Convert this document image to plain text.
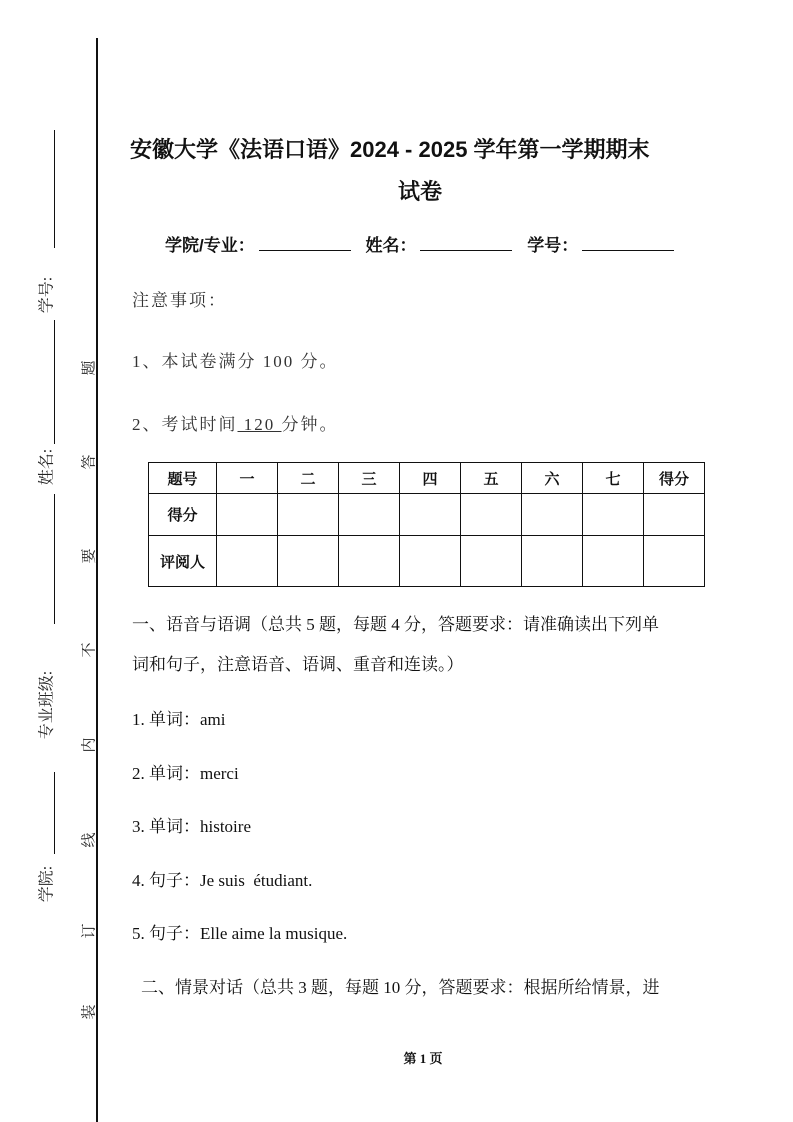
学号:
姓名:
专业班级:
学院:
装
订
线
内
不
要
答
题
安徽大学《法语口语》2024 - 2025 学年第一学期期末
试卷
学院/专业：	姓名：	学号：
注意事项：
1、本试卷满分 100 分。
2、考试时间 120 分钟。
题号	一	二	三	四	五	六	七	得分
得分								
评阅人								
一、语音与语调（总共 5 题，每题 4 分，答题要求：请准确读出下列单
词和句子，注意语音、语调、重音和连读。）
1. 单词：ami
2. 单词：merci
3. 单词：histoire
4. 句子：Je suis  étudiant.
5. 句子：Elle aime la musique.
二、情景对话（总共 3 题，每题 10 分，答题要求：根据所给情景，进
第 1 页
